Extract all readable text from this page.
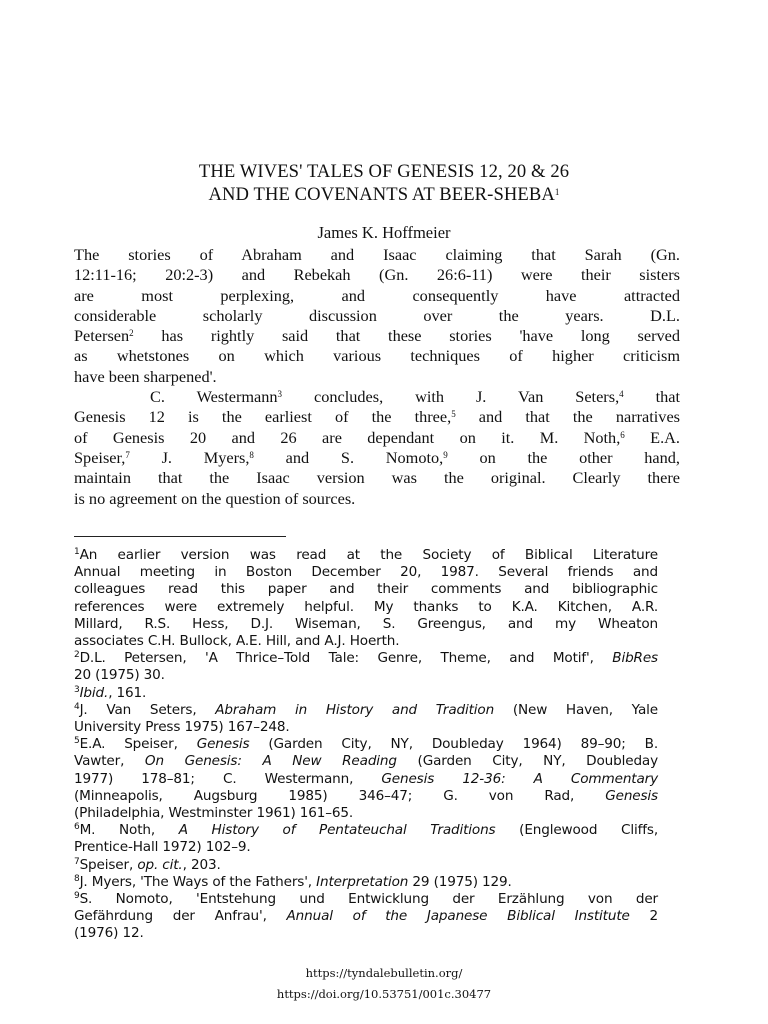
THE WIVES' TALES OF GENESIS 12, 20 & 26
AND THE COVENANTS AT BEER-SHEBA$^1$
James K. Hoffmeier
The stories of Abraham and Isaac claiming that Sarah (Gn.
12:11-16; 20:2-3) and Rebekah (Gn. 26:6-11) were their sisters
are most perplexing, and consequently have attracted
considerable scholarly discussion over the years. D.L.
Petersen$^2$ has rightly said that these stories 'have long served
as whetstones on which various techniques of higher criticism
have been sharpened'.
C. Westermann$^3$ concludes, with J. Van Seters,$^4$ that
Genesis 12 is the earliest of the three,$^5$ and that the narratives
of Genesis 20 and 26 are dependant on it. M. Noth,$^6$ E.A.
Speiser,$^7$ J. Myers,$^8$ and S. Nomoto,$^9$ on the other hand,
maintain that the Isaac version was the original. Clearly there
is no agreement on the question of sources.
$^1$An earlier version was read at the Society of Biblical Literature
Annual meeting in Boston December 20, 1987. Several friends and
colleagues read this paper and their comments and bibliographic
references were extremely helpful. My thanks to K.A. Kitchen, A.R.
Millard, R.S. Hess, D.J. Wiseman, S. Greengus, and my Wheaton
associates C.H. Bullock, A.E. Hill, and A.J. Hoerth.
$^2$D.L. Petersen, 'A Thrice–Told Tale: Genre, Theme, and Motif', BibRes
20 (1975) 30.
$^3$Ibid., 161.
$^4$J. Van Seters, Abraham in History and Tradition (New Haven, Yale
University Press 1975) 167–248.
$^5$E.A. Speiser, Genesis (Garden City, NY, Doubleday 1964) 89–90; B.
Vawter, On Genesis: A New Reading (Garden City, NY, Doubleday
1977) 178–81; C. Westermann, Genesis 12-36: A Commentary
(Minneapolis, Augsburg 1985) 346–47; G. von Rad, Genesis
(Philadelphia, Westminster 1961) 161–65.
$^6$M. Noth, A History of Pentateuchal Traditions (Englewood Cliffs,
Prentice-Hall 1972) 102–9.
$^7$Speiser, op. cit., 203.
$^8$J. Myers, 'The Ways of the Fathers', Interpretation 29 (1975) 129.
$^9$S. Nomoto, 'Entstehung und Entwicklung der Erzählung von der
Gefährdung der Anfrau', Annual of the Japanese Biblical Institute 2
(1976) 12.
https://tyndalebulletin.org/
https://doi.org/10.53751/001c.30477
